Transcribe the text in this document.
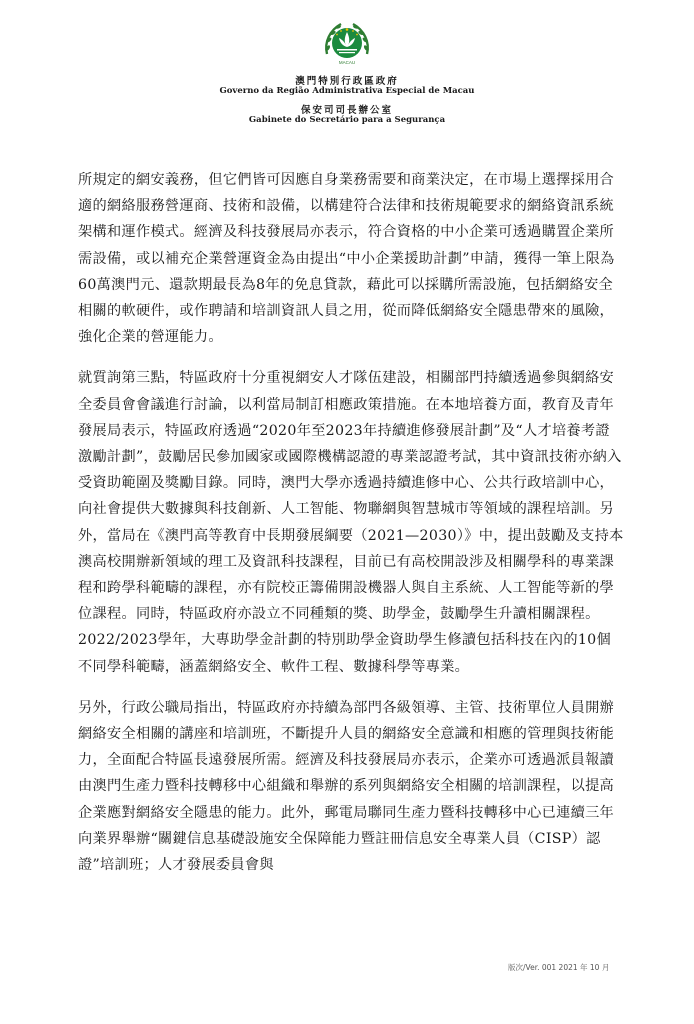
MACAU
澳門特別行政區政府
Governo da Região Administrativa Especial de Macau
保安司司長辦公室
Gabinete do Secretário para a Segurança

所規定的網安義務，但它們皆可因應自身業務需要和商業決定，在市場上選擇採用合適的網絡服務營運商、技術和設備，以構建符合法律和技術規範要求的網絡資訊系統架構和運作模式。經濟及科技發展局亦表示，符合資格的中小企業可透過購置企業所需設備，或以補充企業營運資金為由提出“中小企業援助計劃”申請，獲得一筆上限為60萬澳門元、還款期最長為8年的免息貸款，藉此可以採購所需設施，包括網絡安全相關的軟硬件，或作聘請和培訓資訊人員之用，從而降低網絡安全隱患帶來的風險，強化企業的營運能力。

就質詢第三點，特區政府十分重視網安人才隊伍建設，相關部門持續透過參與網絡安全委員會會議進行討論，以利當局制訂相應政策措施。在本地培養方面，教育及青年發展局表示，特區政府透過“2020年至2023年持續進修發展計劃”及“人才培養考證激勵計劃”，鼓勵居民參加國家或國際機構認證的專業認證考試，其中資訊技術亦納入受資助範圍及獎勵目錄。同時，澳門大學亦透過持續進修中心、公共行政培訓中心，向社會提供大數據與科技創新、人工智能、物聯網與智慧城市等領域的課程培訓。另外，當局在《澳門高等教育中長期發展綱要（2021—2030）》中，提出鼓勵及支持本澳高校開辦新領域的理工及資訊科技課程，目前已有高校開設涉及相關學科的專業課程和跨學科範疇的課程，亦有院校正籌備開設機器人與自主系統、人工智能等新的學位課程。同時，特區政府亦設立不同種類的獎、助學金，鼓勵學生升讀相關課程。2022/2023學年，大專助學金計劃的特別助學金資助學生修讀包括科技在內的10個不同學科範疇，涵蓋網絡安全、軟件工程、數據科學等專業。

另外，行政公職局指出，特區政府亦持續為部門各級領導、主管、技術單位人員開辦網絡安全相關的講座和培訓班，不斷提升人員的網絡安全意識和相應的管理與技術能力，全面配合特區長遠發展所需。經濟及科技發展局亦表示，企業亦可透過派員報讀由澳門生產力暨科技轉移中心組織和舉辦的系列與網絡安全相關的培訓課程，以提高企業應對網絡安全隱患的能力。此外，郵電局聯同生產力暨科技轉移中心已連續三年向業界舉辦“關鍵信息基礎設施安全保障能力暨註冊信息安全專業人員（CISP）認證”培訓班；人才發展委員會與

版次/Ver. 001 2021 年 10 月
